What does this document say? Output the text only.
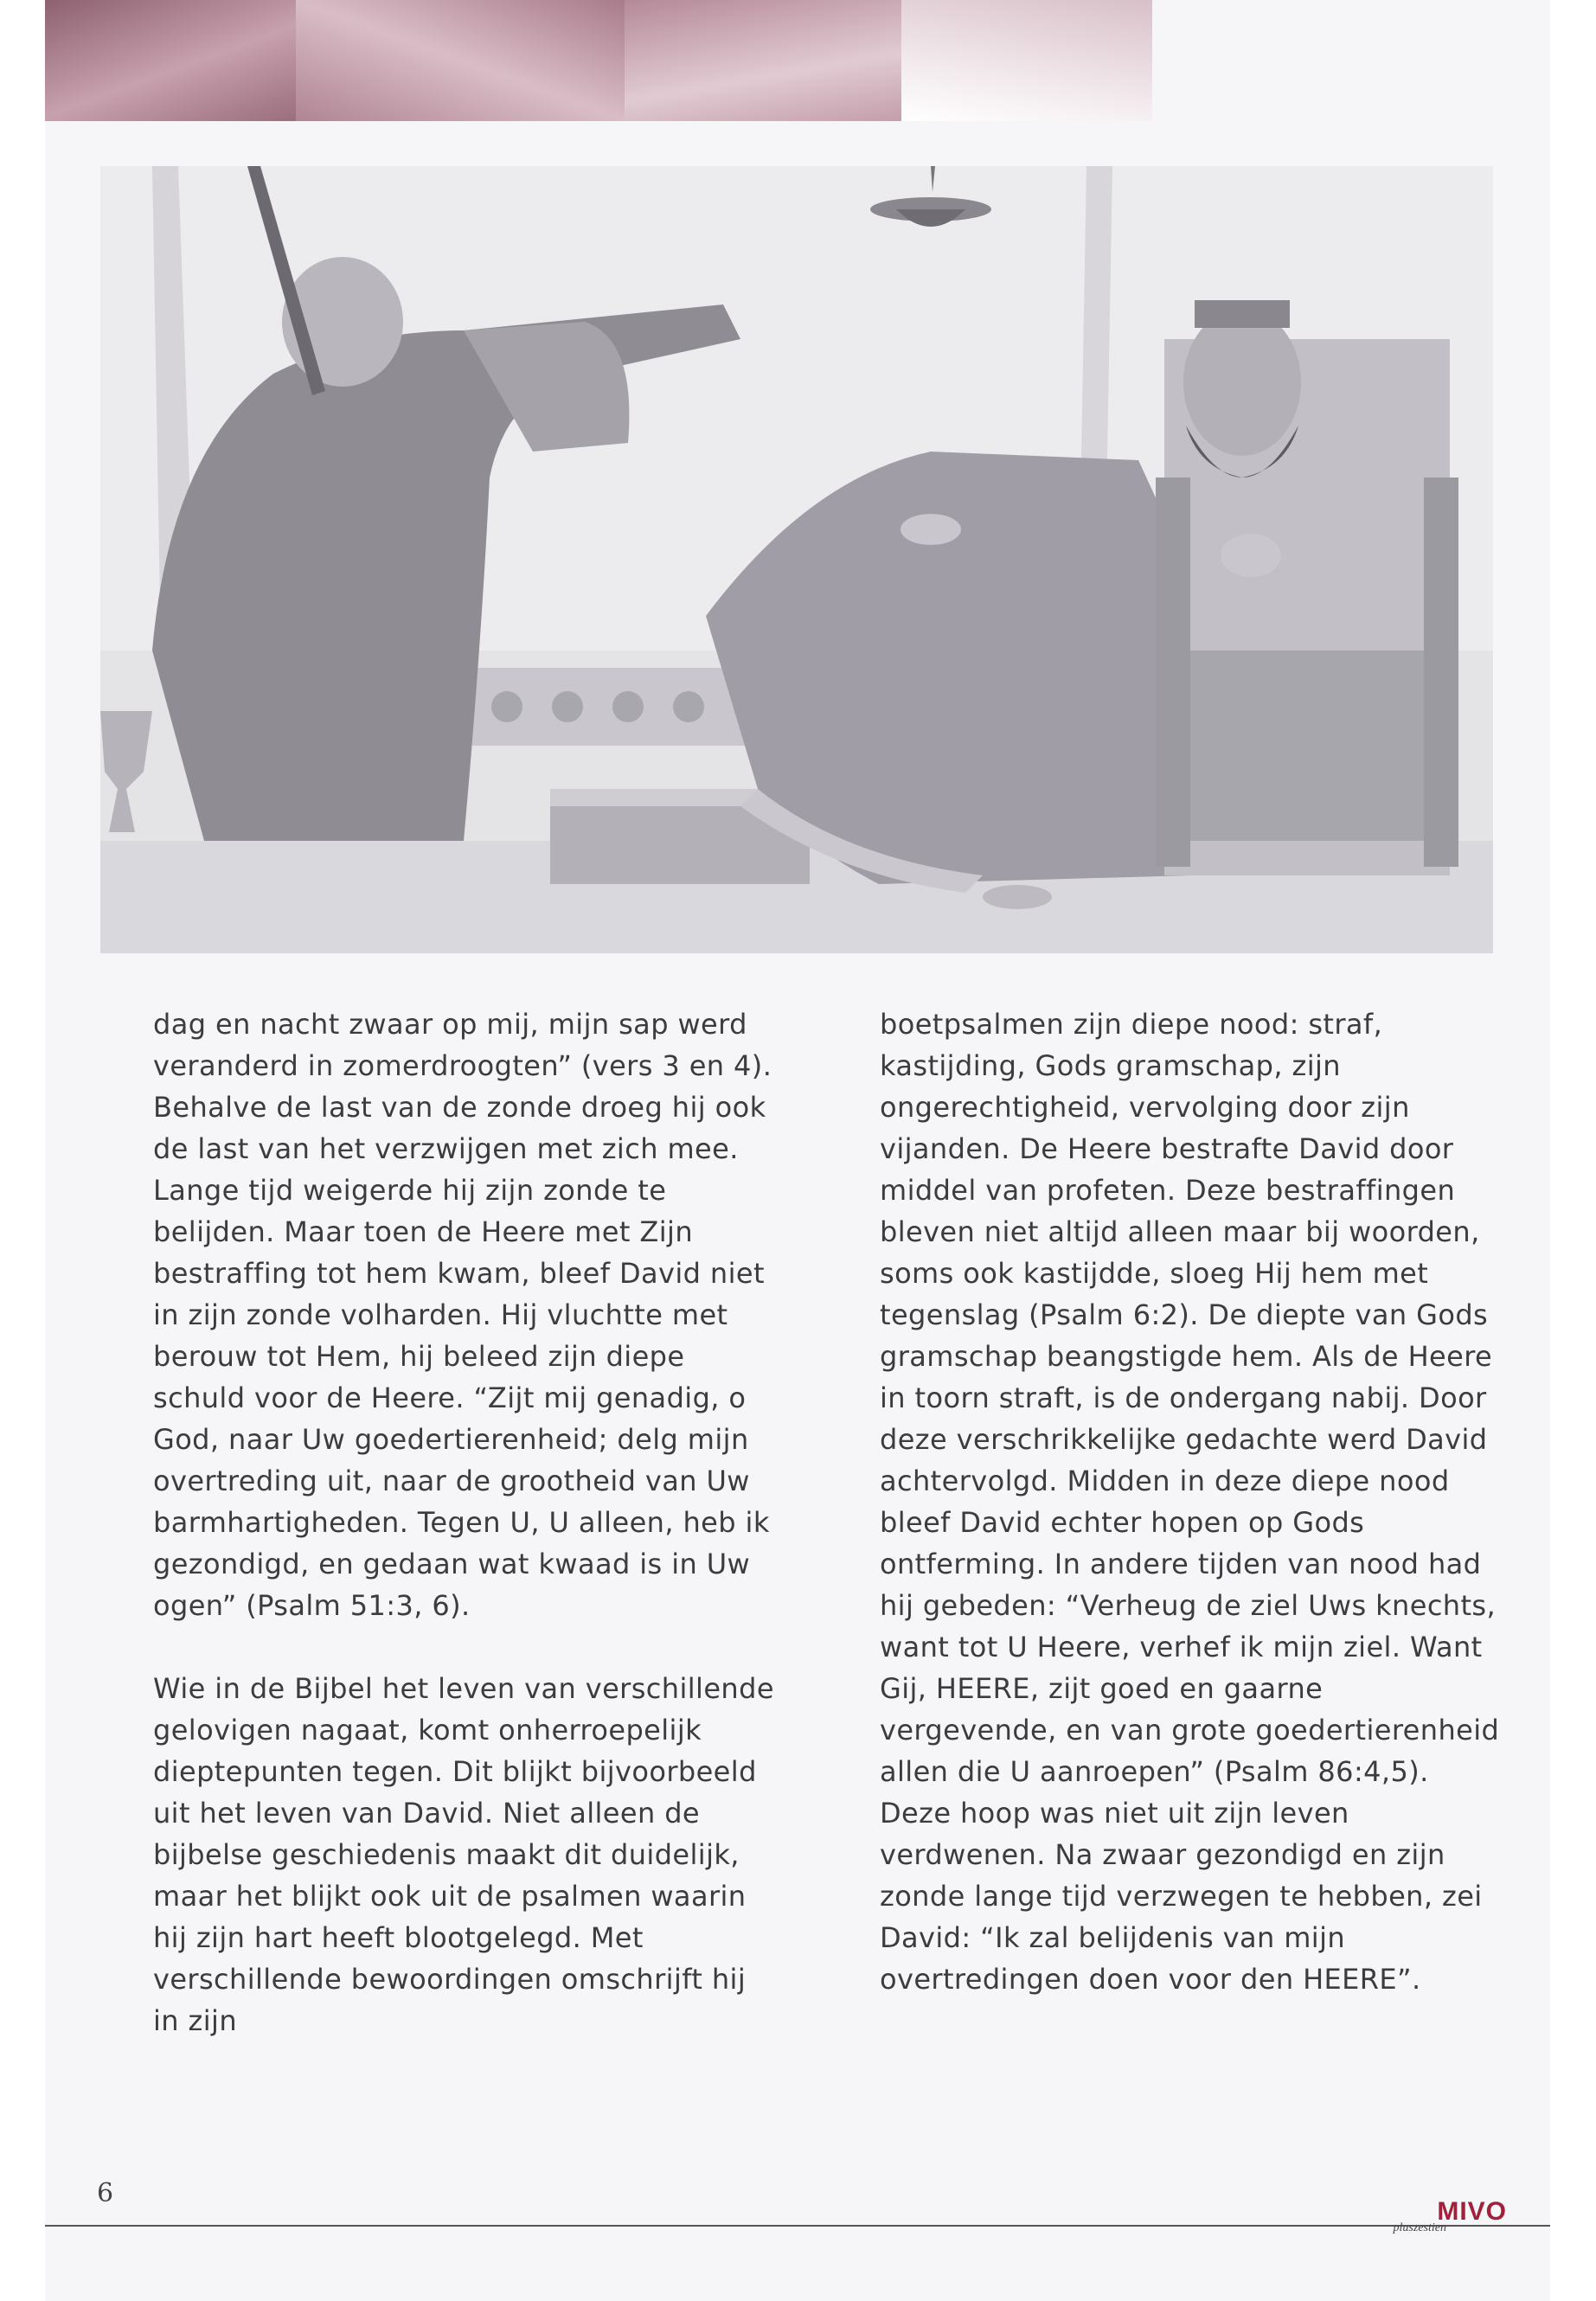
dag en nacht zwaar op mij, mijn sap werd veranderd in zomerdroogten” (vers 3 en 4). Behalve de last van de zonde droeg hij ook de last van het verzwijgen met zich mee. Lange tijd weigerde hij zijn zonde te belijden. Maar toen de Heere met Zijn bestraffing tot hem kwam, bleef David niet in zijn zonde volharden. Hij vluchtte met berouw tot Hem, hij beleed zijn diepe schuld voor de Heere. “Zijt mij genadig, o God, naar Uw goedertierenheid; delg mijn overtreding uit, naar de grootheid van Uw barmhartigheden. Tegen U, U alleen, heb ik gezondigd, en gedaan wat kwaad is in Uw ogen” (Psalm 51:3, 6).

Wie in de Bijbel het leven van verschillende gelovigen nagaat, komt onherroepelijk dieptepunten tegen. Dit blijkt bijvoorbeeld uit het leven van David. Niet alleen de bijbelse geschiedenis maakt dit duidelijk, maar het blijkt ook uit de psalmen waarin hij zijn hart heeft blootgelegd. Met verschillende bewoordingen omschrijft hij in zijn

boetpsalmen zijn diepe nood: straf, kastijding, Gods gramschap, zijn ongerechtigheid, vervolging door zijn vijanden. De Heere bestrafte David door middel van profeten. Deze bestraffingen bleven niet altijd alleen maar bij woorden, soms ook kastijdde, sloeg Hij hem met tegenslag (Psalm 6:2). De diepte van Gods gramschap beangstigde hem. Als de Heere in toorn straft, is de ondergang nabij. Door deze verschrikkelijke gedachte werd David achtervolgd. Midden in deze diepe nood bleef David echter hopen op Gods ontferming. In andere tijden van nood had hij gebeden: “Verheug de ziel Uws knechts, want tot U Heere, verhef ik mijn ziel. Want Gij, HEERE, zijt goed en gaarne vergevende, en van grote goedertierenheid allen die U aanroepen” (Psalm 86:4,5). Deze hoop was niet uit zijn leven verdwenen. Na zwaar gezondigd en zijn zonde lange tijd verzwegen te hebben, zei David: “Ik zal belijdenis van mijn overtredingen doen voor den HEERE”.

6
MIVO
pluszestien
